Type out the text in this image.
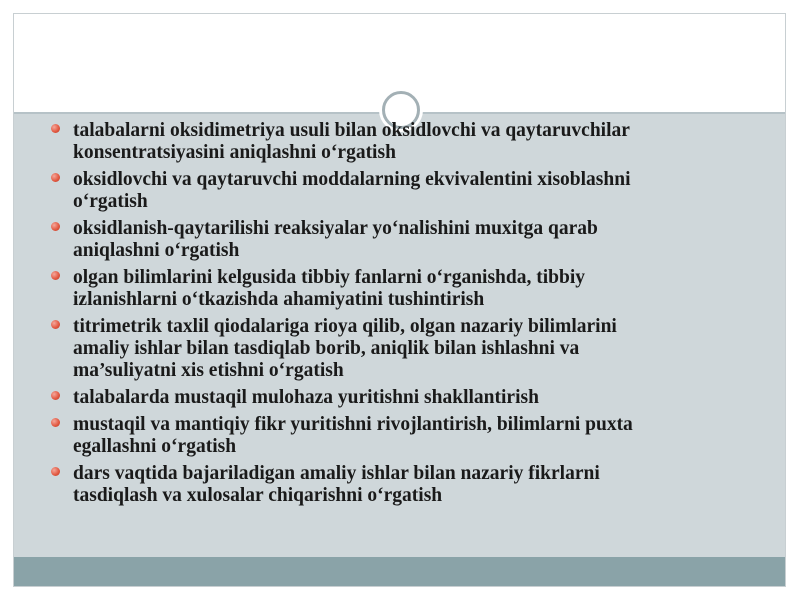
talabalarni oksidimetriya usuli bilan oksidlovchi va qaytaruvchilar
konsentratsiyasini aniqlashni o‘rgatish
oksidlovchi va qaytaruvchi moddalarning ekvivalentini xisoblashni
o‘rgatish
oksidlanish-qaytarilishi reaksiyalar yo‘nalishini muxitga qarab
aniqlashni o‘rgatish
olgan bilimlarini kelgusida tibbiy fanlarni o‘rganishda, tibbiy
izlanishlarni o‘tkazishda ahamiyatini tushintirish
titrimetrik taxlil qiodalariga rioya qilib, olgan nazariy bilimlarini
amaliy ishlar bilan tasdiqlab borib, aniqlik bilan ishlashni va
ma’suliyatni xis etishni o‘rgatish
talabalarda mustaqil mulohaza yuritishni shakllantirish
mustaqil va mantiqiy fikr yuritishni rivojlantirish, bilimlarni puxta
egallashni o‘rgatish
dars vaqtida bajariladigan amaliy ishlar bilan nazariy fikrlarni
tasdiqlash va xulosalar chiqarishni o‘rgatish
